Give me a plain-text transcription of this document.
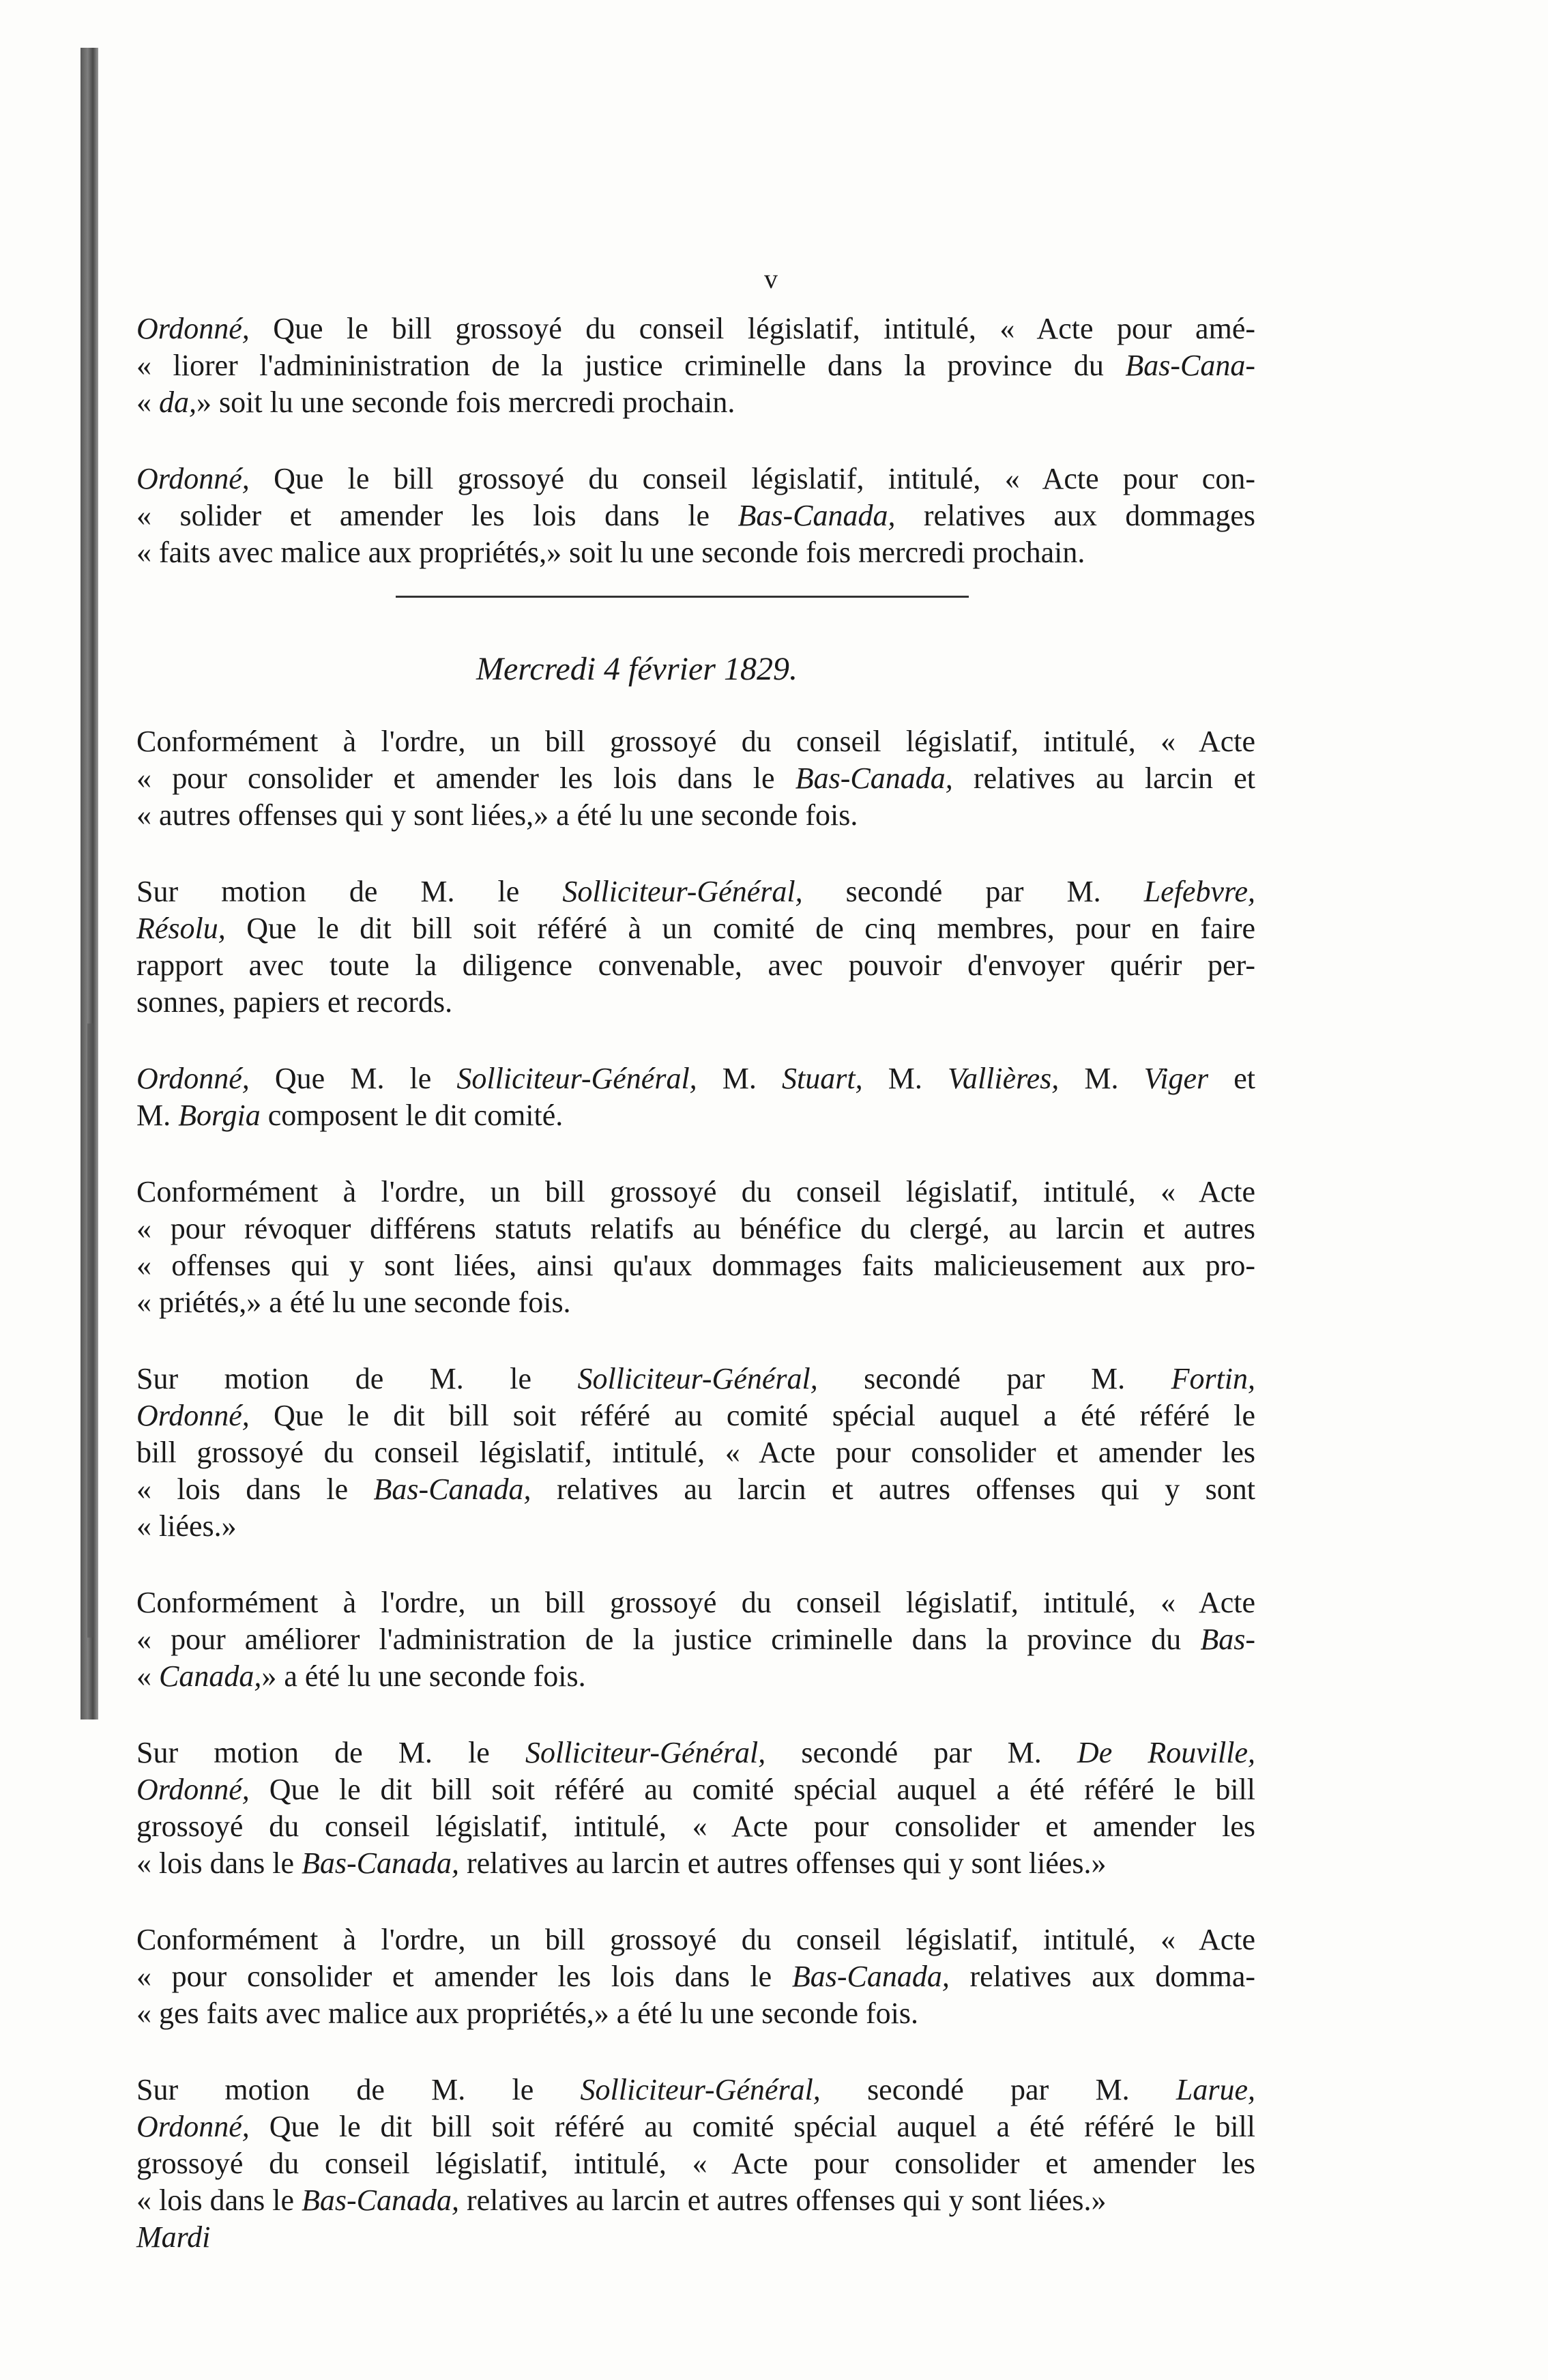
v

Ordonné, Que le bill grossoyé du conseil législatif, intitulé, « Acte pour amé-

« liorer l'admininistration de la justice criminelle dans la province du Bas-Cana-

« da,» soit lu une seconde fois mercredi prochain.

Ordonné, Que le bill grossoyé du conseil législatif, intitulé, « Acte pour con-

« solider et amender les lois dans le Bas-Canada, relatives aux dommages

« faits avec malice aux propriétés,» soit lu une seconde fois mercredi prochain.

Mercredi 4 février 1829.

Conformément à l'ordre, un bill grossoyé du conseil législatif, intitulé, « Acte

« pour consolider et amender les lois dans le Bas-Canada, relatives au larcin et

« autres offenses qui y sont liées,» a été lu une seconde fois.

Sur motion de M. le Solliciteur-Général, secondé par M. Lefebvre,

Résolu, Que le dit bill soit référé à un comité de cinq membres, pour en faire

rapport avec toute la diligence convenable, avec pouvoir d'envoyer quérir per-

sonnes, papiers et records.

Ordonné, Que M. le Solliciteur-Général, M. Stuart, M. Vallières, M. Viger et

M. Borgia composent le dit comité.

Conformément à l'ordre, un bill grossoyé du conseil législatif, intitulé, « Acte

« pour révoquer différens statuts relatifs au bénéfice du clergé, au larcin et autres

« offenses qui y sont liées, ainsi qu'aux dommages faits malicieusement aux pro-

« priétés,» a été lu une seconde fois.

Sur motion de M. le Solliciteur-Général, secondé par M. Fortin,

Ordonné, Que le dit bill soit référé au comité spécial auquel a été référé le

bill grossoyé du conseil législatif, intitulé, « Acte pour consolider et amender les

« lois dans le Bas-Canada, relatives au larcin et autres offenses qui y sont

« liées.»

Conformément à l'ordre, un bill grossoyé du conseil législatif, intitulé, « Acte

« pour améliorer l'administration de la justice criminelle dans la province du Bas-

« Canada,» a été lu une seconde fois.

Sur motion de M. le Solliciteur-Général, secondé par M. De Rouville,

Ordonné, Que le dit bill soit référé au comité spécial auquel a été référé le bill

grossoyé du conseil législatif, intitulé, « Acte pour consolider et amender les

« lois dans le Bas-Canada, relatives au larcin et autres offenses qui y sont liées.»

Conformément à l'ordre, un bill grossoyé du conseil législatif, intitulé, « Acte

« pour consolider et amender les lois dans le Bas-Canada, relatives aux domma-

« ges faits avec malice aux propriétés,» a été lu une seconde fois.

Sur motion de M. le Solliciteur-Général, secondé par M. Larue,

Ordonné, Que le dit bill soit référé au comité spécial auquel a été référé le bill

grossoyé du conseil législatif, intitulé, « Acte pour consolider et amender les

« lois dans le Bas-Canada, relatives au larcin et autres offenses qui y sont liées.»

Mardi
